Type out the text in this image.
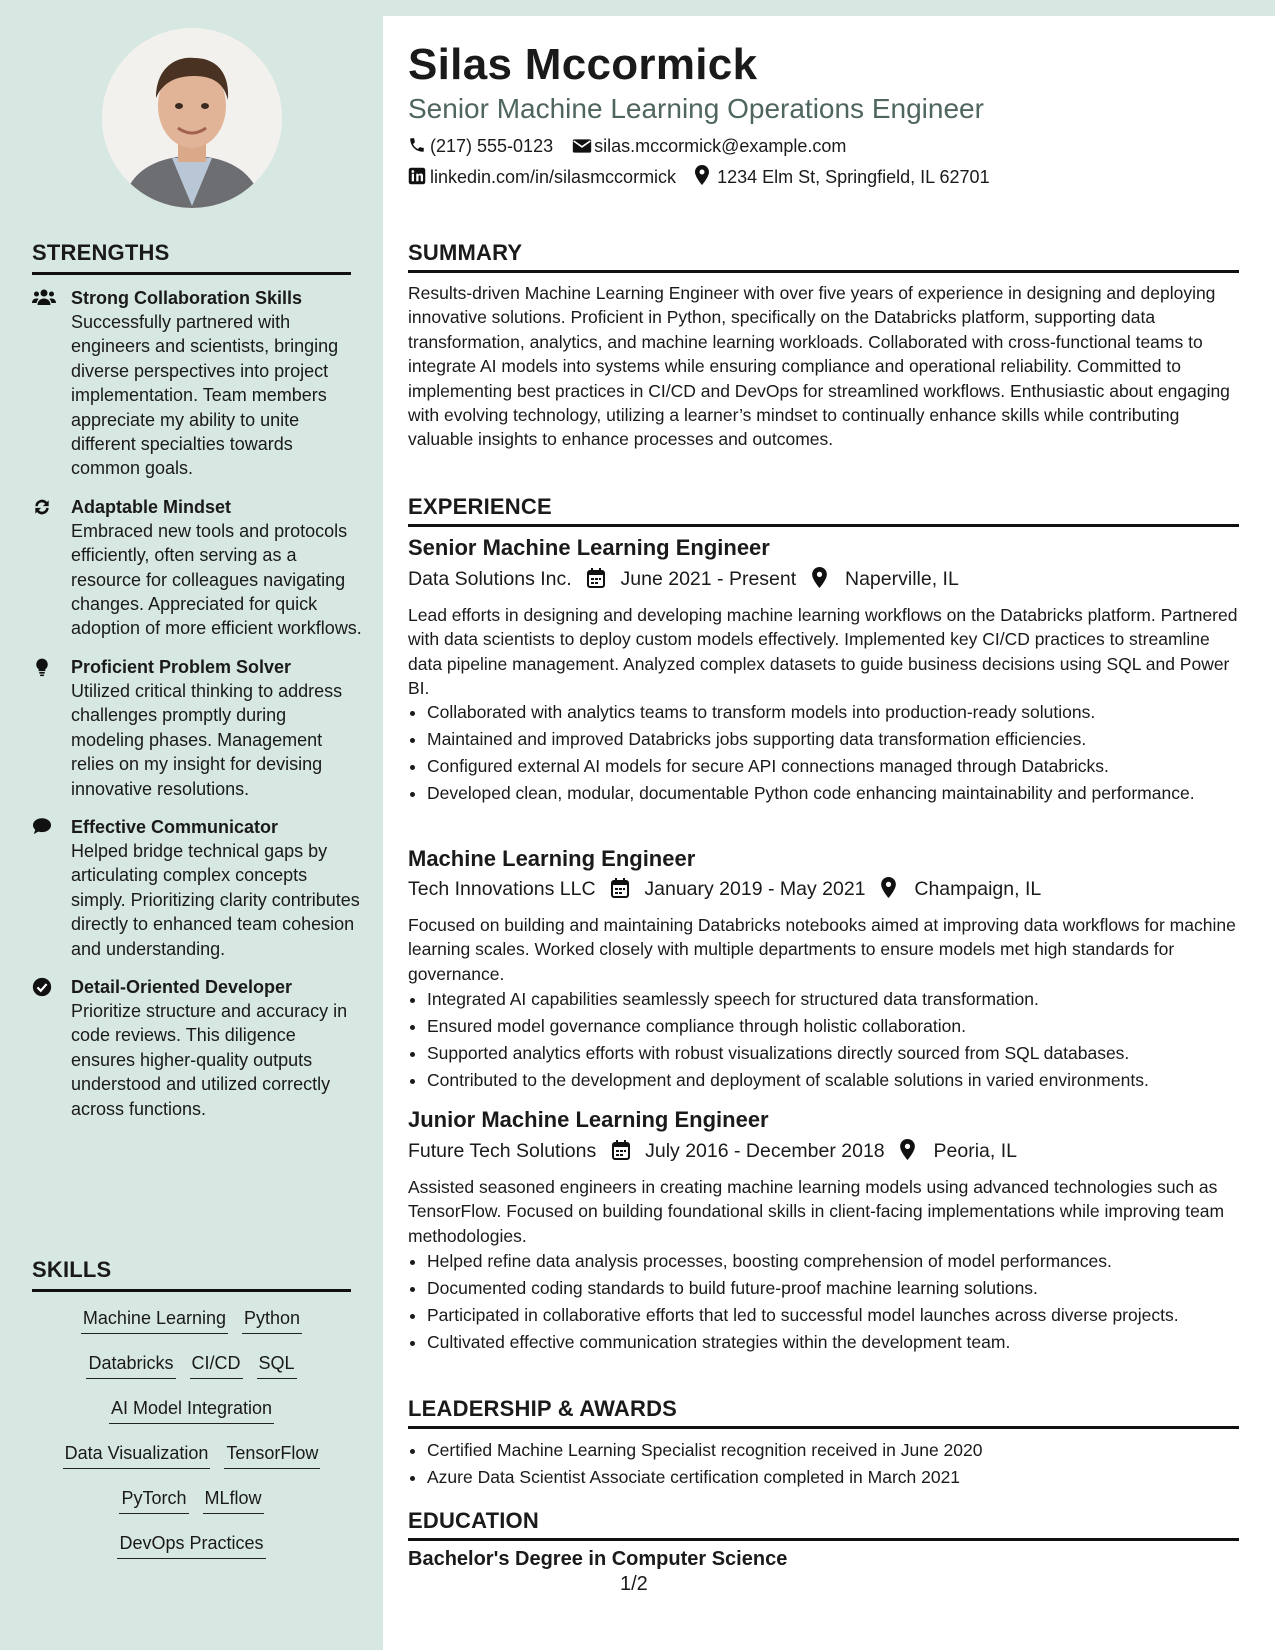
Silas Mccormick
Senior Machine Learning Operations Engineer
(217) 555-0123 silas.mccormick@example.com
linkedin.com/in/silasmccormick 1234 Elm St, Springfield, IL 62701
STRENGTHS
Strong Collaboration Skills
Successfully partnered with engineers and scientists, bringing diverse perspectives into project implementation. Team members appreciate my ability to unite different specialties towards common goals.
Adaptable Mindset
Embraced new tools and protocols efficiently, often serving as a resource for colleagues navigating changes. Appreciated for quick adoption of more efficient workflows.
Proficient Problem Solver
Utilized critical thinking to address challenges promptly during modeling phases. Management relies on my insight for devising innovative resolutions.
Effective Communicator
Helped bridge technical gaps by articulating complex concepts simply. Prioritizing clarity contributes directly to enhanced team cohesion and understanding.
Detail-Oriented Developer
Prioritize structure and accuracy in code reviews. This diligence ensures higher-quality outputs understood and utilized correctly across functions.
SKILLS
Machine Learning Python
Databricks CI/CD SQL
AI Model Integration
Data Visualization TensorFlow
PyTorch MLflow
DevOps Practices
SUMMARY
Results-driven Machine Learning Engineer with over five years of experience in designing and deploying innovative solutions. Proficient in Python, specifically on the Databricks platform, supporting data transformation, analytics, and machine learning workloads. Collaborated with cross-functional teams to integrate AI models into systems while ensuring compliance and operational reliability. Committed to implementing best practices in CI/CD and DevOps for streamlined workflows. Enthusiastic about engaging with evolving technology, utilizing a learner’s mindset to continually enhance skills while contributing valuable insights to enhance processes and outcomes.
EXPERIENCE
Senior Machine Learning Engineer
Data Solutions Inc.	June 2021 - Present	Naperville, IL
Lead efforts in designing and developing machine learning workflows on the Databricks platform. Partnered with data scientists to deploy custom models effectively. Implemented key CI/CD practices to streamline data pipeline management. Analyzed complex datasets to guide business decisions using SQL and Power BI.
• Collaborated with analytics teams to transform models into production-ready solutions.
• Maintained and improved Databricks jobs supporting data transformation efficiencies.
• Configured external AI models for secure API connections managed through Databricks.
• Developed clean, modular, documentable Python code enhancing maintainability and performance.
Machine Learning Engineer
Tech Innovations LLC	January 2019 - May 2021	Champaign, IL
Focused on building and maintaining Databricks notebooks aimed at improving data workflows for machine learning scales. Worked closely with multiple departments to ensure models met high standards for governance.
• Integrated AI capabilities seamlessly speech for structured data transformation.
• Ensured model governance compliance through holistic collaboration.
• Supported analytics efforts with robust visualizations directly sourced from SQL databases.
• Contributed to the development and deployment of scalable solutions in varied environments.
Junior Machine Learning Engineer
Future Tech Solutions	July 2016 - December 2018	Peoria, IL
Assisted seasoned engineers in creating machine learning models using advanced technologies such as TensorFlow. Focused on building foundational skills in client-facing implementations while improving team methodologies.
• Helped refine data analysis processes, boosting comprehension of model performances.
• Documented coding standards to build future-proof machine learning solutions.
• Participated in collaborative efforts that led to successful model launches across diverse projects.
• Cultivated effective communication strategies within the development team.
LEADERSHIP & AWARDS
• Certified Machine Learning Specialist recognition received in June 2020
• Azure Data Scientist Associate certification completed in March 2021
EDUCATION
Bachelor's Degree in Computer Science
1/2
